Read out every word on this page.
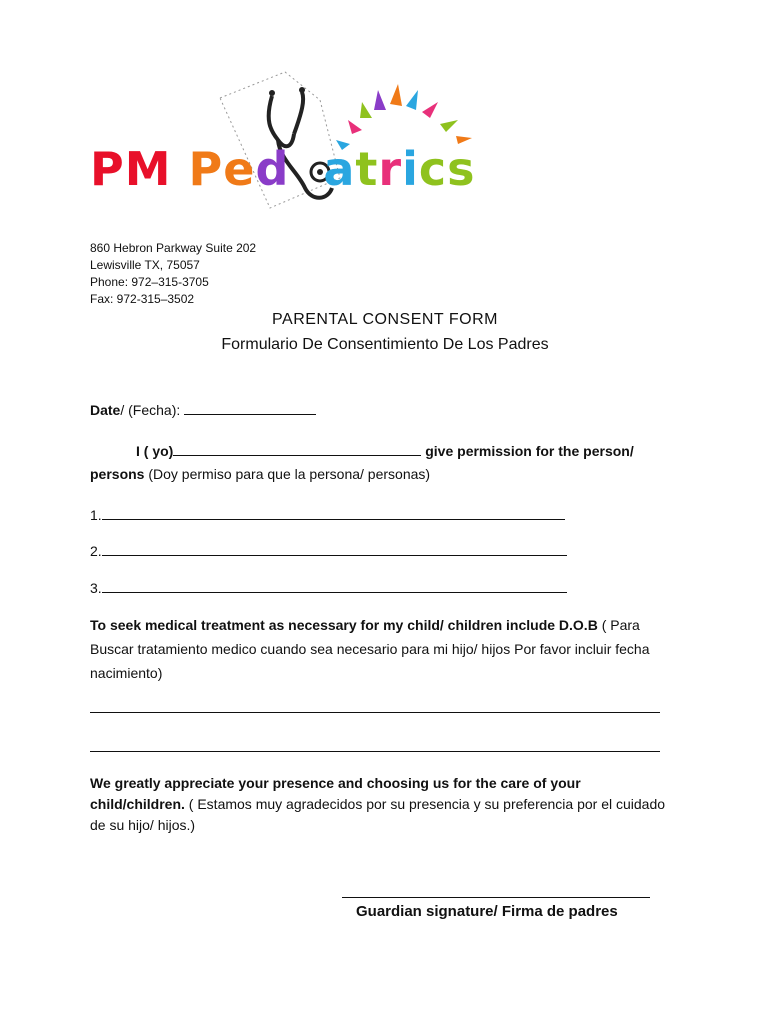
PM Ped atrics
860 Hebron Parkway Suite 202
Lewisville TX, 75057
Phone: 972–315-3705
Fax: 972-315–3502
PARENTAL CONSENT FORM
Formulario De Consentimiento De Los Padres
Date/ (Fecha):
I ( yo)	give permission for the person/
persons (Doy permiso para que la persona/ personas)
1.
2.
3.
To seek medical treatment as necessary for my child/ children include D.O.B ( Para Buscar tratamiento medico cuando sea necesario para mi hijo/ hijos Por favor incluir fecha nacimiento)
We greatly appreciate your presence and choosing us for the care of your child/children. ( Estamos muy agradecidos por su presencia y su preferencia por el cuidado de su hijo/ hijos.)
Guardian signature/ Firma de padres
